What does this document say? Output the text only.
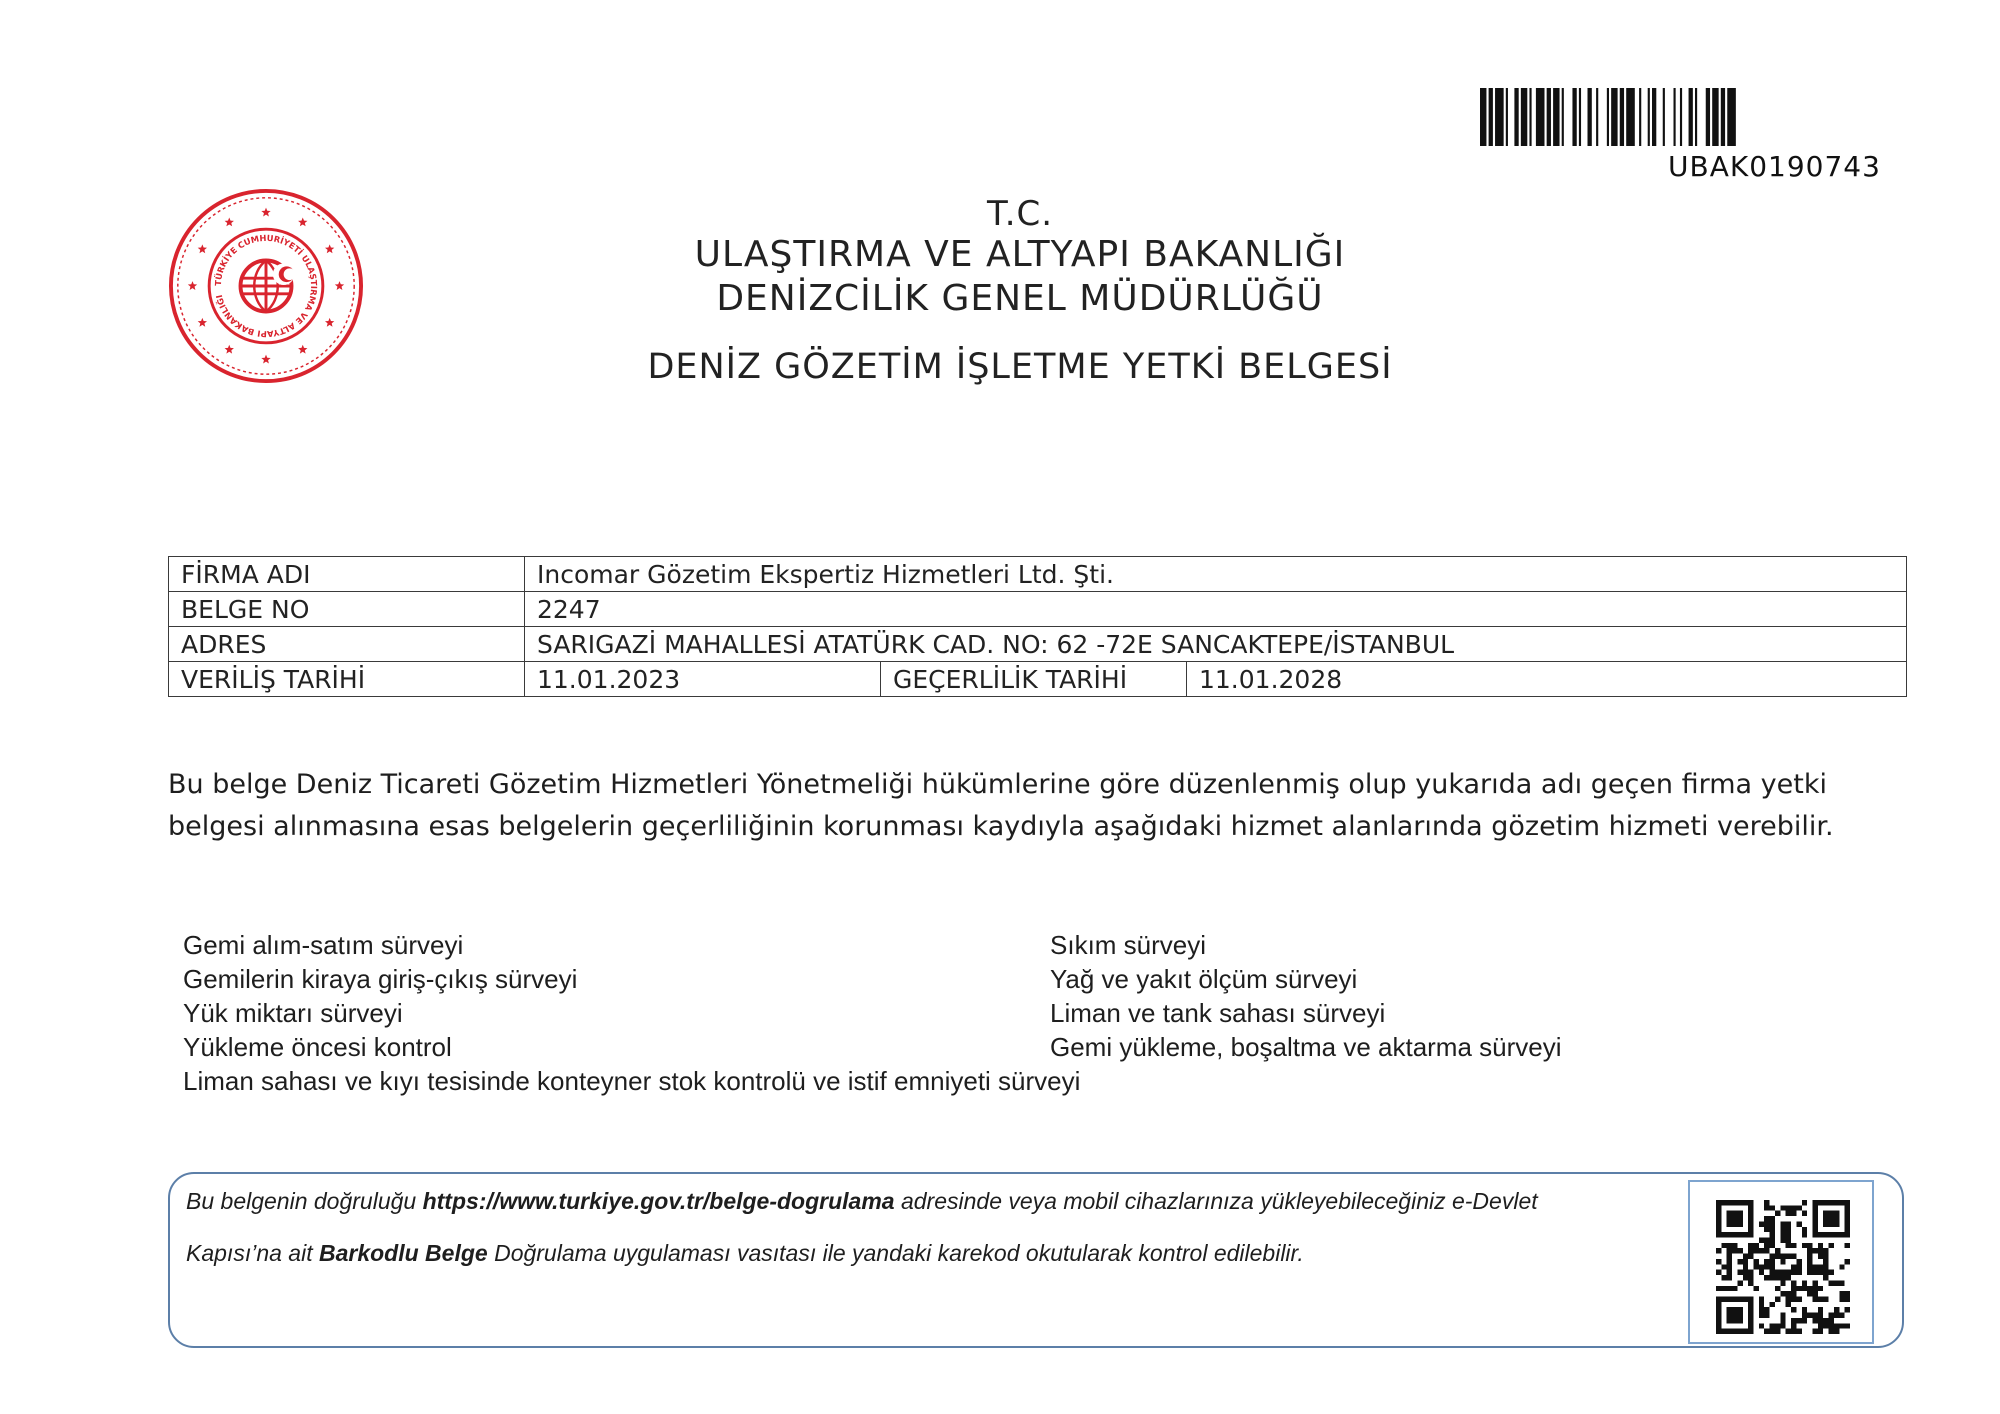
UBAK0190743
TÜRKİYE CUMHURİYETİ ULAŞTIRMA VE ALTYAPI BAKANLIĞI
T.C.
ULAŞTIRMA VE ALTYAPI BAKANLIĞI
DENİZCİLİK GENEL MÜDÜRLÜĞÜ
DENİZ GÖZETİM İŞLETME YETKİ BELGESİ
FİRMA ADI	Incomar Gözetim Ekspertiz Hizmetleri Ltd. Şti.		
BELGE NO	2247		
ADRES	SARIGAZİ MAHALLESİ ATATÜRK CAD. NO: 62 -72E SANCAKTEPE/İSTANBUL		
VERİLİŞ TARİHİ	11.01.2023	GEÇERLİLİK TARİHİ	11.01.2028
Bu belge Deniz Ticareti Gözetim Hizmetleri Yönetmeliği hükümlerine göre düzenlenmiş olup yukarıda adı geçen firma yetki
belgesi alınmasına esas belgelerin geçerliliğinin korunması kaydıyla aşağıdaki hizmet alanlarında gözetim hizmeti verebilir.
Gemi alım-satım sürveyi
Gemilerin kiraya giriş-çıkış sürveyi
Yük miktarı sürveyi
Yükleme öncesi kontrol
Sıkım sürveyi
Yağ ve yakıt ölçüm sürveyi
Liman ve tank sahası sürveyi
Gemi yükleme, boşaltma ve aktarma sürveyi
Liman sahası ve kıyı tesisinde konteyner stok kontrolü ve istif emniyeti sürveyi
Bu belgenin doğruluğu https://www.turkiye.gov.tr/belge-dogrulama adresinde veya mobil cihazlarınıza yükleyebileceğiniz e-Devlet
Kapısı’na ait Barkodlu Belge Doğrulama uygulaması vasıtası ile yandaki karekod okutularak kontrol edilebilir.
